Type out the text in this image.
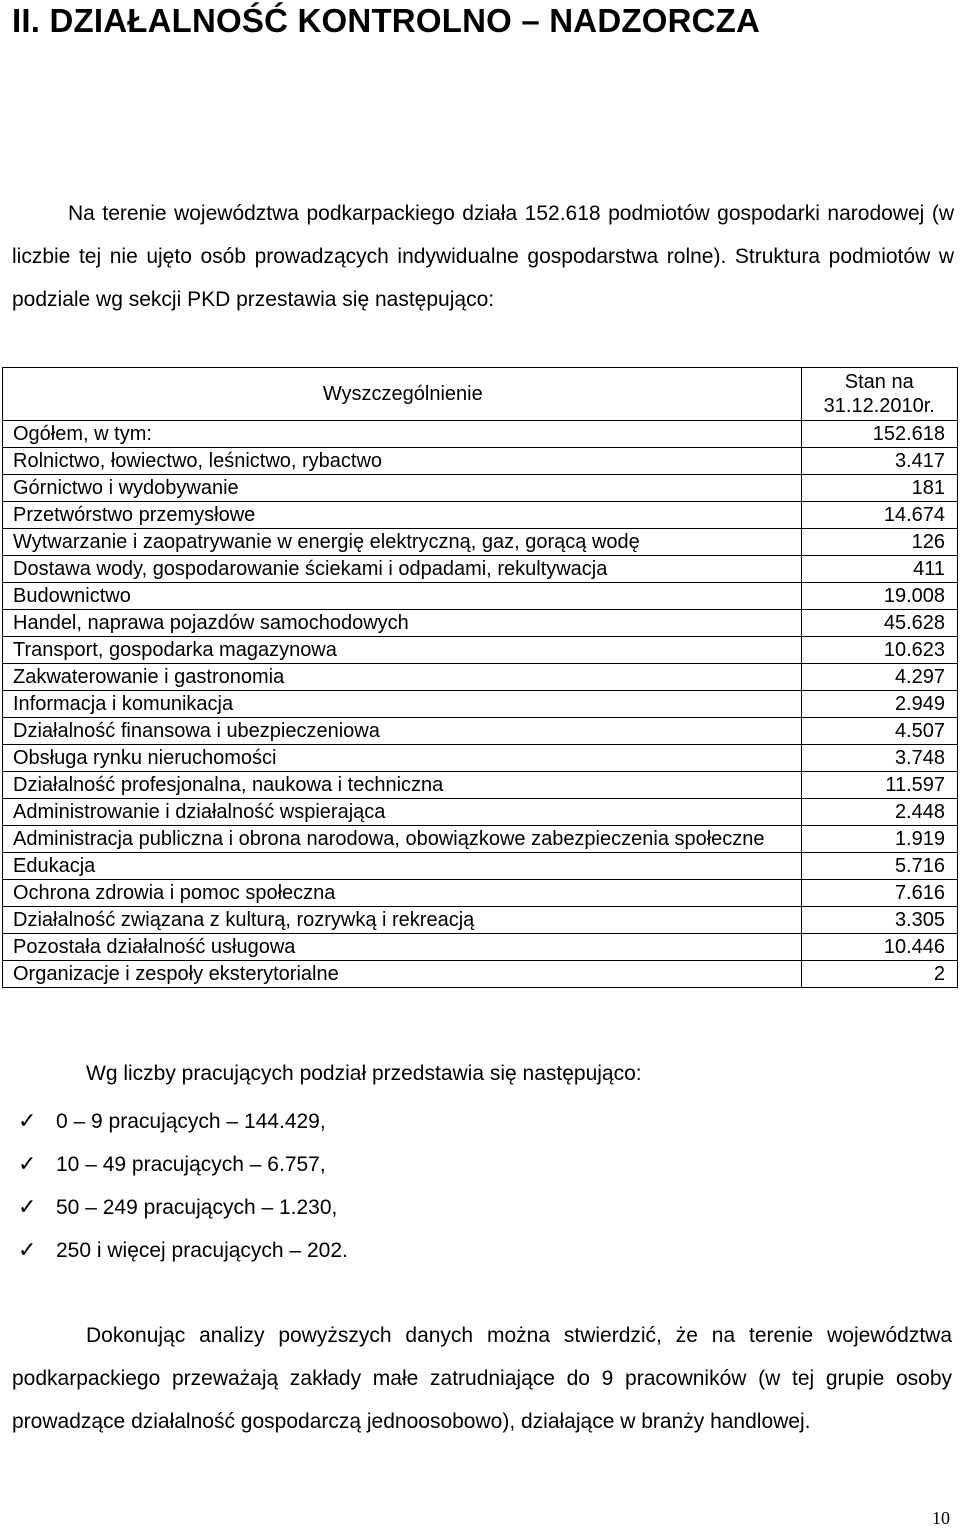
II. DZIAŁALNOŚĆ KONTROLNO – NADZORCZA

Na terenie województwa podkarpackiego działa 152.618 podmiotów gospodarki narodowej (w liczbie tej nie ujęto osób prowadzących indywidualne gospodarstwa rolne). Struktura podmiotów w podziale wg sekcji PKD przestawia się następująco:

Wyszczególnienie	Stan na 31.12.2010r.
Ogółem, w tym:	152.618
Rolnictwo, łowiectwo, leśnictwo, rybactwo	3.417
Górnictwo i wydobywanie	181
Przetwórstwo przemysłowe	14.674
Wytwarzanie i zaopatrywanie w energię elektryczną, gaz, gorącą wodę	126
Dostawa wody, gospodarowanie ściekami i odpadami, rekultywacja	411
Budownictwo	19.008
Handel, naprawa pojazdów samochodowych	45.628
Transport, gospodarka magazynowa	10.623
Zakwaterowanie i gastronomia	4.297
Informacja i komunikacja	2.949
Działalność finansowa i ubezpieczeniowa	4.507
Obsługa rynku nieruchomości	3.748
Działalność profesjonalna, naukowa i techniczna	11.597
Administrowanie i działalność wspierająca	2.448
Administracja publiczna i obrona narodowa, obowiązkowe zabezpieczenia społeczne	1.919
Edukacja	5.716
Ochrona zdrowia i pomoc społeczna	7.616
Działalność związana z kulturą, rozrywką i rekreacją	3.305
Pozostała działalność usługowa	10.446
Organizacje i zespoły eksterytorialne	2
Wg liczby pracujących podział przedstawia się następująco:
✓ 0 – 9 pracujących – 144.429,
✓ 10 – 49 pracujących – 6.757,
✓ 50 – 249 pracujących – 1.230,
✓ 250 i więcej pracujących – 202.

Dokonując analizy powyższych danych można stwierdzić, że na terenie województwa podkarpackiego przeważają zakłady małe zatrudniające do 9 pracowników (w tej grupie osoby prowadzące działalność gospodarczą jednoosobowo), działające w branży handlowej.

10
